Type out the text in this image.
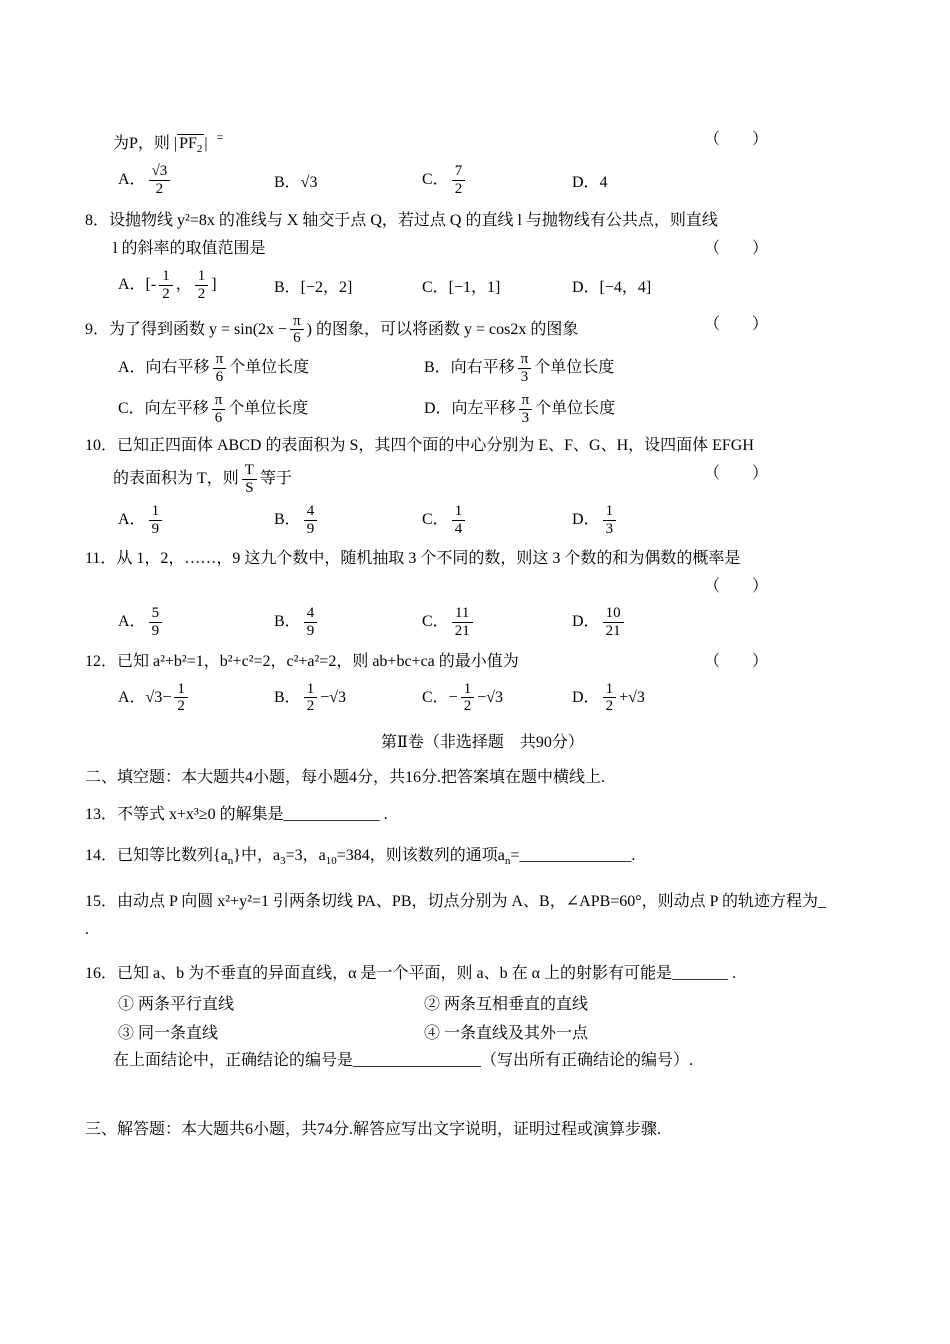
为P，则 | $PF_2$ | =	（　　）
A． $\frac{√3}{2}$	B．√3	C． $\frac{7}{2}$	D．4
8．设抛物线 y²=8x 的准线与 X 轴交于点 Q，若过点 Q 的直线 l 与抛物线有公共点，则直线
l 的斜率的取值范围是	（　　）
A．[- $\frac{1}{2}$ ， $\frac{1}{2}$ ]	B．[−2，2]	C．[−1，1]	D．[−4，4]
9．为了得到函数 $y = \sin(2x - \frac{\pi}{6}$ ) 的图象，可以将函数 y = cos2x 的图象	（　　）
A．向右平移 $\frac{\pi}{6}$ 个单位长度	B．向右平移 $\frac{\pi}{3}$ 个单位长度
C．向左平移 $\frac{\pi}{6}$ 个单位长度	D．向左平移 $\frac{\pi}{3}$ 个单位长度
10．已知正四面体 ABCD 的表面积为 S，其四个面的中心分别为 E、F、G、H，设四面体 EFGH
的表面积为 T，则 $\frac{T}{S}$ 等于	（　　）
A． $\frac{1}{9}$	B． $\frac{4}{9}$	C． $\frac{1}{4}$	D． $\frac{1}{3}$
11．从 1，2，……，9 这九个数中，随机抽取 3 个不同的数，则这 3 个数的和为偶数的概率是
（　　）
A． $\frac{5}{9}$	B． $\frac{4}{9}$	C． $\frac{11}{21}$	D． $\frac{10}{21}$
12．已知 a²+b²=1，b²+c²=2，c²+a²=2，则 ab+bc+ca 的最小值为	（　　）
A．$√3- \frac{1}{2}$	B． $\frac{1}{2} -√3$	C．− $\frac{1}{2} -√3$	D． $\frac{1}{2} +√3$
第Ⅱ卷（非选择题　共90分）
二、填空题：本大题共4小题，每小题4分，共16分.把答案填在题中横线上.
13．不等式 x+x³≥0 的解集是____________ .
14．已知等比数列$\{a_n\}$中，$a_3=3$，$a_{10}=384$，则该数列的通项$a_n=\_\_\_\_\_\_\_\_\_\_\_\_\_\_$.
15．由动点 P 向圆 x²+y²=1 引两条切线 PA、PB，切点分别为 A、B，∠APB=60°，则动点 P 的轨迹方程为_
.
16．已知 a、b 为不垂直的异面直线，α 是一个平面，则 a、b 在 α 上的射影有可能是_______ .
① 两条平行直线	② 两条互相垂直的直线
③ 同一条直线	④ 一条直线及其外一点
在上面结论中，正确结论的编号是________________（写出所有正确结论的编号）.
三、解答题：本大题共6小题，共74分.解答应写出文字说明，证明过程或演算步骤.
